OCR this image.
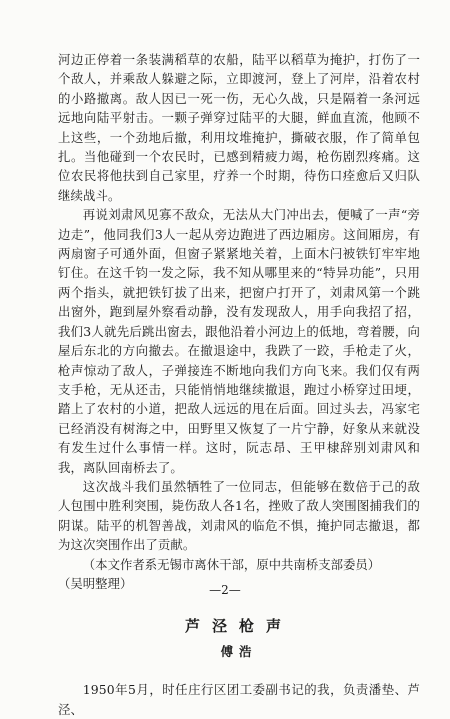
河边正停着一条装满稻草的农船，陆平以稻草为掩护，打伤了一个敌人，并乘敌人躲避之际，立即渡河，登上了河岸，沿着农村的小路撤离。敌人因已一死一伤，无心久战，只是隔着一条河远远地向陆平射击。一颗子弹穿过陆平的大腿，鲜血直流，他顾不上这些，一个劲地后撤，利用坟堆掩护，撕破衣服，作了简单包扎。当他碰到一个农民时，已感到精疲力竭，枪伤剧烈疼痛。这位农民将他扶到自己家里，疗养一个时期，待伤口痊愈后又归队继续战斗。

再说刘肃风见寡不敌众，无法从大门冲出去，便喊了一声“旁边走”，他同我们3人一起从旁边跑进了西边厢房。这间厢房，有两扇窗子可通外面，但窗子紧紧地关着，上面木闩被铁钉牢牢地钉住。在这千钧一发之际，我不知从哪里来的“特异功能”，只用两个指头，就把铁钉拔了出来，把窗户打开了，刘肃风第一个跳出窗外，跑到屋外察看动静，没有发现敌人，用手向我招了招，我们3人就先后跳出窗去，跟他沿着小河边上的低地，弯着腰，向屋后东北的方向撤去。在撤退途中，我跌了一跤，手枪走了火，枪声惊动了敌人，子弹接连不断地向我们方向飞来。我们仅有两支手枪，无从还击，只能悄悄地继续撤退，跑过小桥穿过田埂，踏上了农村的小道，把敌人远远的甩在后面。回过头去，冯家宅已经消没有树海之中，田野里又恢复了一片宁静，好象从来就没有发生过什么事情一样。这时，阮志昂、王甲棣辞别刘肃风和我，离队回南桥去了。

这次战斗我们虽然牺牲了一位同志，但能够在数倍于己的敌人包围中胜利突围，毙伤敌人各1名，挫败了敌人突围图捕我们的阴谋。陆平的机智善战，刘肃风的临危不惧，掩护同志撤退，都为这次突围作出了贡献。

（本文作者系无锡市离休干部，原中共南桥支部委员）

（吴明整理）

芦泾枪声

傅浩

1950年5月，时任庄行区团工委副书记的我，负责潘垫、芦泾、

—2—
